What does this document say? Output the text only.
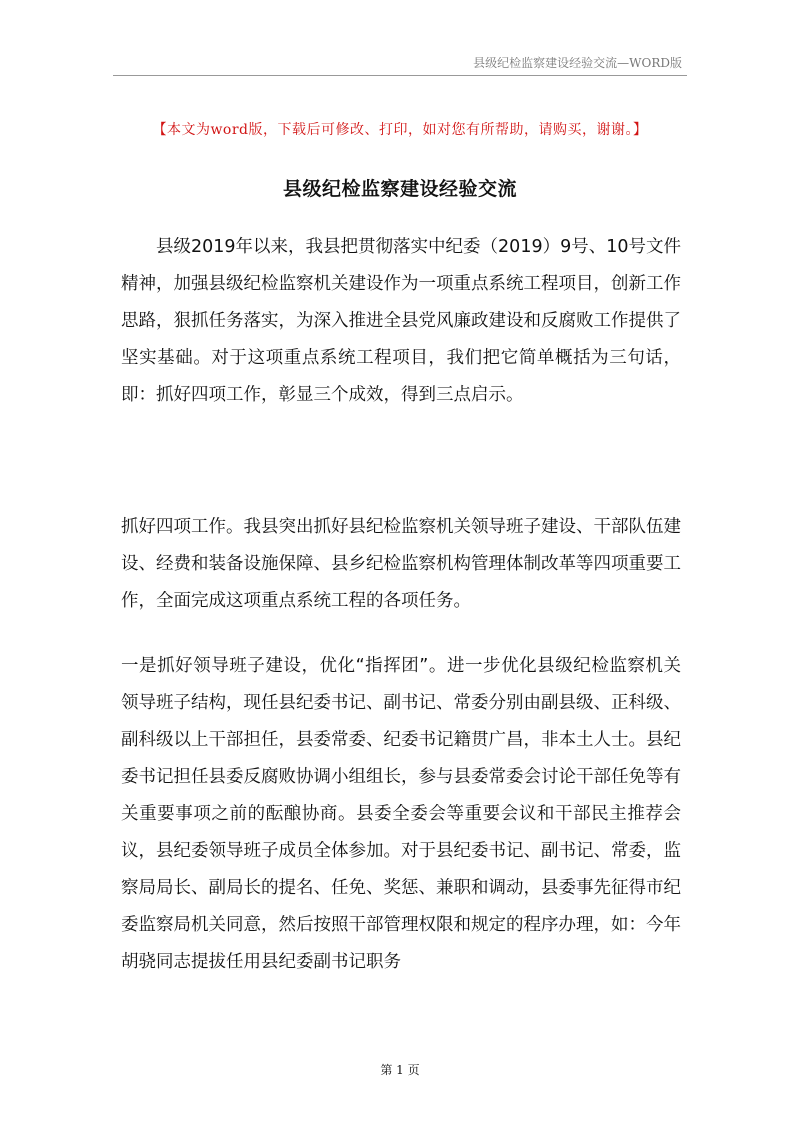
县级纪检监察建设经验交流—WORD版
【本文为word版，下载后可修改、打印，如对您有所帮助，请购买，谢谢。】
县级纪检监察建设经验交流
县级2019年以来，我县把贯彻落实中纪委（2019）9号、10号文件精神，加强县级纪检监察机关建设作为一项重点系统工程项目，创新工作思路，狠抓任务落实，为深入推进全县党风廉政建设和反腐败工作提供了坚实基础。对于这项重点系统工程项目，我们把它简单概括为三句话，即：抓好四项工作，彰显三个成效，得到三点启示。
抓好四项工作。我县突出抓好县纪检监察机关领导班子建设、干部队伍建设、经费和装备设施保障、县乡纪检监察机构管理体制改革等四项重要工作，全面完成这项重点系统工程的各项任务。
一是抓好领导班子建设，优化“指挥团”。进一步优化县级纪检监察机关领导班子结构，现任县纪委书记、副书记、常委分别由副县级、正科级、副科级以上干部担任，县委常委、纪委书记籍贯广昌，非本土人士。县纪委书记担任县委反腐败协调小组组长，参与县委常委会讨论干部任免等有关重要事项之前的酝酿协商。县委全委会等重要会议和干部民主推荐会议，县纪委领导班子成员全体参加。对于县纪委书记、副书记、常委，监察局局长、副局长的提名、任免、奖惩、兼职和调动，县委事先征得市纪委监察局机关同意，然后按照干部管理权限和规定的程序办理，如：今年胡骁同志提拔任用县纪委副书记职务
第 1 页
